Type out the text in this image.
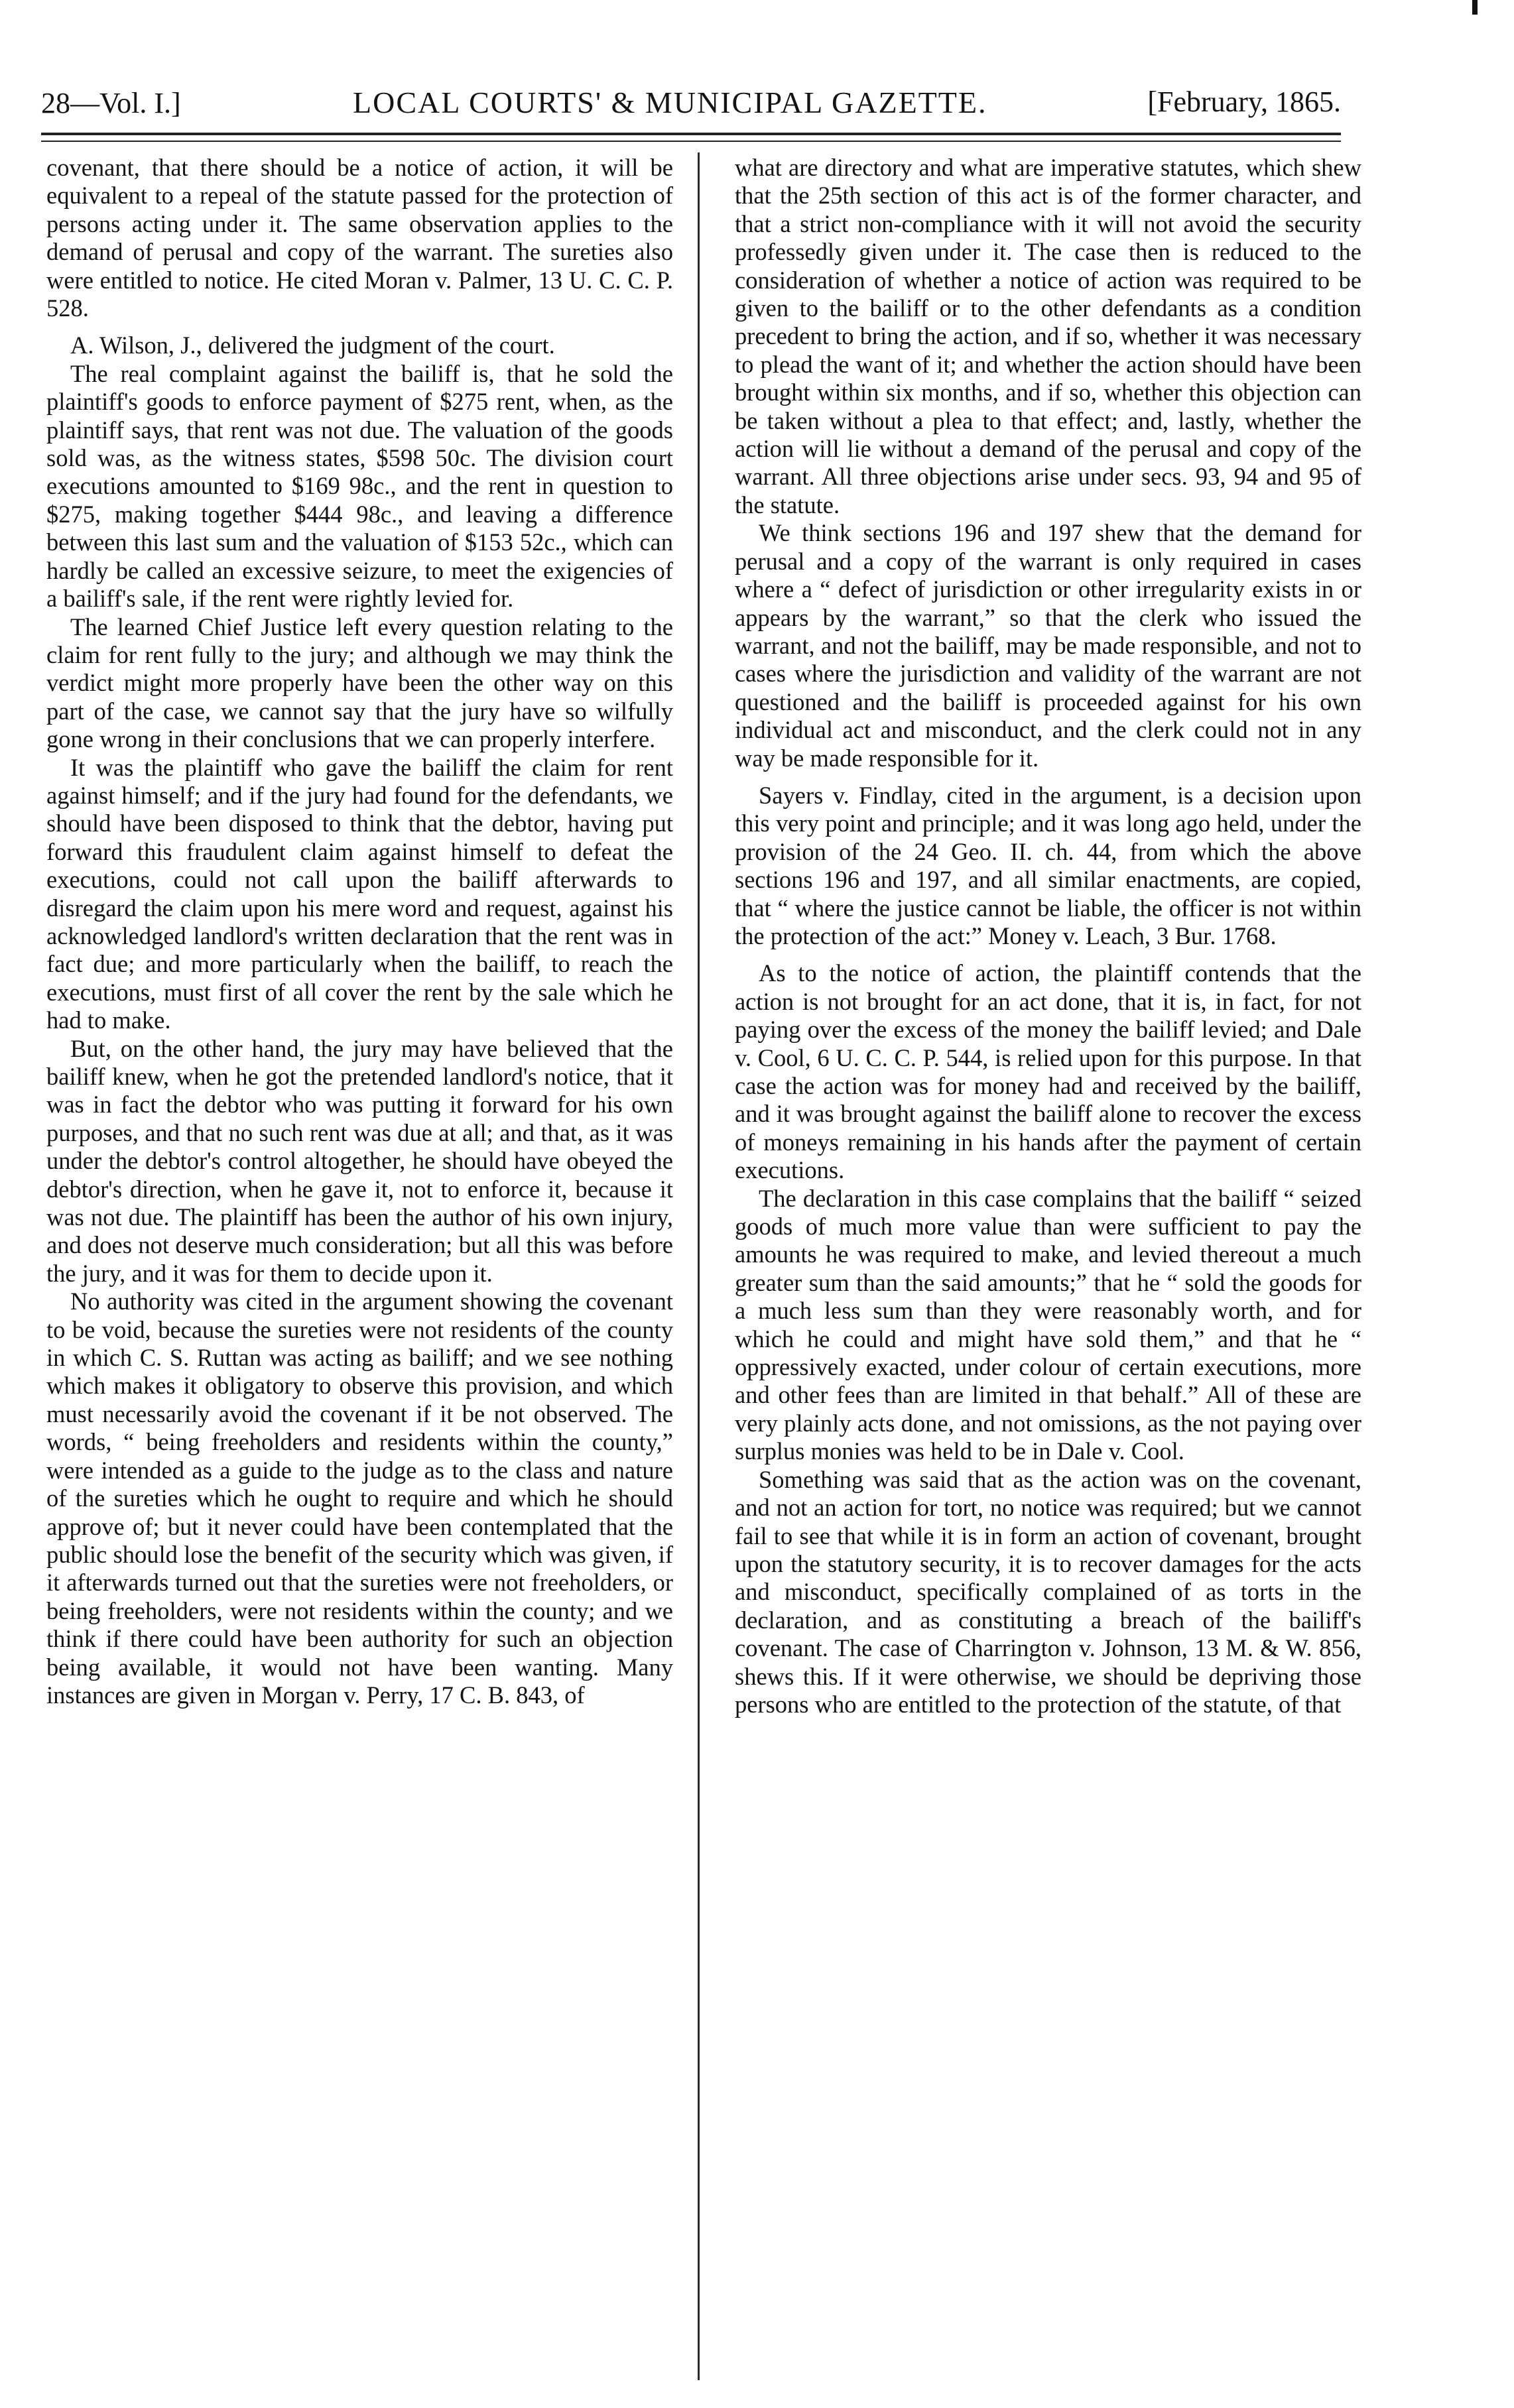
28—Vol. I.]	LOCAL COURTS' & MUNICIPAL GAZETTE.	[February, 1865.

covenant, that there should be a notice of action, it will be equivalent to a repeal of the statute passed for the protection of persons acting under it. The same observation applies to the demand of perusal and copy of the warrant. The sureties also were entitled to notice. He cited Moran v. Palmer, 13 U. C. C. P. 528.

A. Wilson, J., delivered the judgment of the court.

The real complaint against the bailiff is, that he sold the plaintiff's goods to enforce payment of $275 rent, when, as the plaintiff says, that rent was not due. The valuation of the goods sold was, as the witness states, $598 50c. The division court executions amounted to $169 98c., and the rent in question to $275, making together $444 98c., and leaving a difference between this last sum and the valuation of $153 52c., which can hardly be called an excessive seizure, to meet the exigencies of a bailiff's sale, if the rent were rightly levied for.

The learned Chief Justice left every question relating to the claim for rent fully to the jury; and although we may think the verdict might more properly have been the other way on this part of the case, we cannot say that the jury have so wilfully gone wrong in their conclusions that we can properly interfere.

It was the plaintiff who gave the bailiff the claim for rent against himself; and if the jury had found for the defendants, we should have been disposed to think that the debtor, having put forward this fraudulent claim against himself to defeat the executions, could not call upon the bailiff afterwards to disregard the claim upon his mere word and request, against his acknowledged landlord's written declaration that the rent was in fact due; and more particularly when the bailiff, to reach the executions, must first of all cover the rent by the sale which he had to make.

But, on the other hand, the jury may have believed that the bailiff knew, when he got the pretended landlord's notice, that it was in fact the debtor who was putting it forward for his own purposes, and that no such rent was due at all; and that, as it was under the debtor's control altogether, he should have obeyed the debtor's direction, when he gave it, not to enforce it, because it was not due. The plaintiff has been the author of his own injury, and does not deserve much consideration; but all this was before the jury, and it was for them to decide upon it.

No authority was cited in the argument showing the covenant to be void, because the sureties were not residents of the county in which C. S. Ruttan was acting as bailiff; and we see nothing which makes it obligatory to observe this provision, and which must necessarily avoid the covenant if it be not observed. The words, “ being freeholders and residents within the county,” were intended as a guide to the judge as to the class and nature of the sureties which he ought to require and which he should approve of; but it never could have been contemplated that the public should lose the benefit of the security which was given, if it afterwards turned out that the sureties were not freeholders, or being freeholders, were not residents within the county; and we think if there could have been authority for such an objection being available, it would not have been wanting. Many instances are given in Morgan v. Perry, 17 C. B. 843, of

what are directory and what are imperative statutes, which shew that the 25th section of this act is of the former character, and that a strict non-compliance with it will not avoid the security professedly given under it. The case then is reduced to the consideration of whether a notice of action was required to be given to the bailiff or to the other defendants as a condition precedent to bring the action, and if so, whether it was necessary to plead the want of it; and whether the action should have been brought within six months, and if so, whether this objection can be taken without a plea to that effect; and, lastly, whether the action will lie without a demand of the perusal and copy of the warrant. All three objections arise under secs. 93, 94 and 95 of the statute.

We think sections 196 and 197 shew that the demand for perusal and a copy of the warrant is only required in cases where a “ defect of jurisdiction or other irregularity exists in or appears by the warrant,” so that the clerk who issued the warrant, and not the bailiff, may be made responsible, and not to cases where the jurisdiction and validity of the warrant are not questioned and the bailiff is proceeded against for his own individual act and misconduct, and the clerk could not in any way be made responsible for it.

Sayers v. Findlay, cited in the argument, is a decision upon this very point and principle; and it was long ago held, under the provision of the 24 Geo. II. ch. 44, from which the above sections 196 and 197, and all similar enactments, are copied, that “ where the justice cannot be liable, the officer is not within the protection of the act:” Money v. Leach, 3 Bur. 1768.

As to the notice of action, the plaintiff contends that the action is not brought for an act done, that it is, in fact, for not paying over the excess of the money the bailiff levied; and Dale v. Cool, 6 U. C. C. P. 544, is relied upon for this purpose. In that case the action was for money had and received by the bailiff, and it was brought against the bailiff alone to recover the excess of moneys remaining in his hands after the payment of certain executions.

The declaration in this case complains that the bailiff “ seized goods of much more value than were sufficient to pay the amounts he was required to make, and levied thereout a much greater sum than the said amounts;” that he “ sold the goods for a much less sum than they were reasonably worth, and for which he could and might have sold them,” and that he “ oppressively exacted, under colour of certain executions, more and other fees than are limited in that behalf.” All of these are very plainly acts done, and not omissions, as the not paying over surplus monies was held to be in Dale v. Cool.

Something was said that as the action was on the covenant, and not an action for tort, no notice was required; but we cannot fail to see that while it is in form an action of covenant, brought upon the statutory security, it is to recover damages for the acts and misconduct, specifically complained of as torts in the declaration, and as constituting a breach of the bailiff's covenant. The case of Charrington v. Johnson, 13 M. & W. 856, shews this. If it were otherwise, we should be depriving those persons who are entitled to the protection of the statute, of that
